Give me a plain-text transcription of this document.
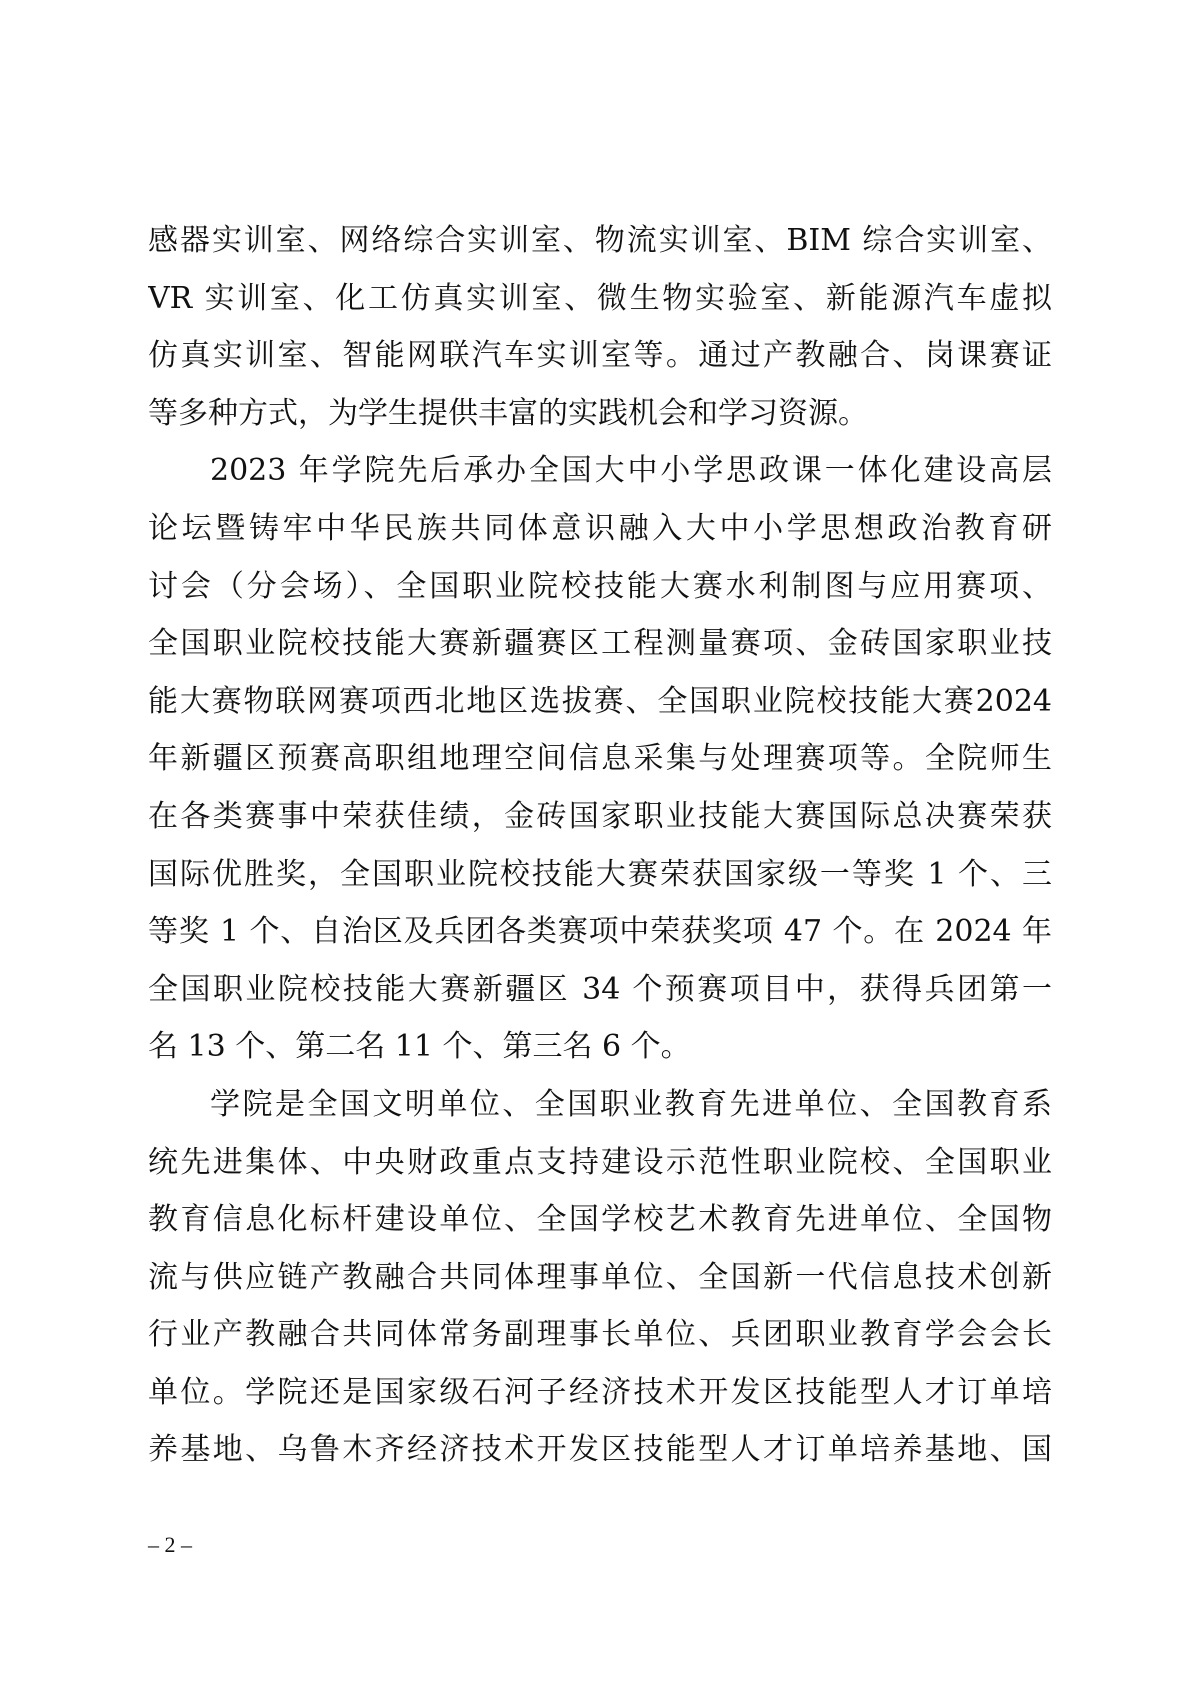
感器实训室、网络综合实训室、物流实训室、BIM 综合实训室、
VR 实训室、化工仿真实训室、微生物实验室、新能源汽车虚拟
仿真实训室、智能网联汽车实训室等。通过产教融合、岗课赛证
等多种方式，为学生提供丰富的实践机会和学习资源。
2023 年学院先后承办全国大中小学思政课一体化建设高层
论坛暨铸牢中华民族共同体意识融入大中小学思想政治教育研
讨会（分会场）、全国职业院校技能大赛水利制图与应用赛项、
全国职业院校技能大赛新疆赛区工程测量赛项、金砖国家职业技
能大赛物联网赛项西北地区选拔赛、全国职业院校技能大赛2024
年新疆区预赛高职组地理空间信息采集与处理赛项等。全院师生
在各类赛事中荣获佳绩，金砖国家职业技能大赛国际总决赛荣获
国际优胜奖，全国职业院校技能大赛荣获国家级一等奖 1 个、三
等奖 1 个、自治区及兵团各类赛项中荣获奖项 47 个。在 2024 年
全国职业院校技能大赛新疆区 34 个预赛项目中，获得兵团第一
名 13 个、第二名 11 个、第三名 6 个。
学院是全国文明单位、全国职业教育先进单位、全国教育系
统先进集体、中央财政重点支持建设示范性职业院校、全国职业
教育信息化标杆建设单位、全国学校艺术教育先进单位、全国物
流与供应链产教融合共同体理事单位、全国新一代信息技术创新
行业产教融合共同体常务副理事长单位、兵团职业教育学会会长
单位。学院还是国家级石河子经济技术开发区技能型人才订单培
养基地、乌鲁木齐经济技术开发区技能型人才订单培养基地、国
– 2 –
